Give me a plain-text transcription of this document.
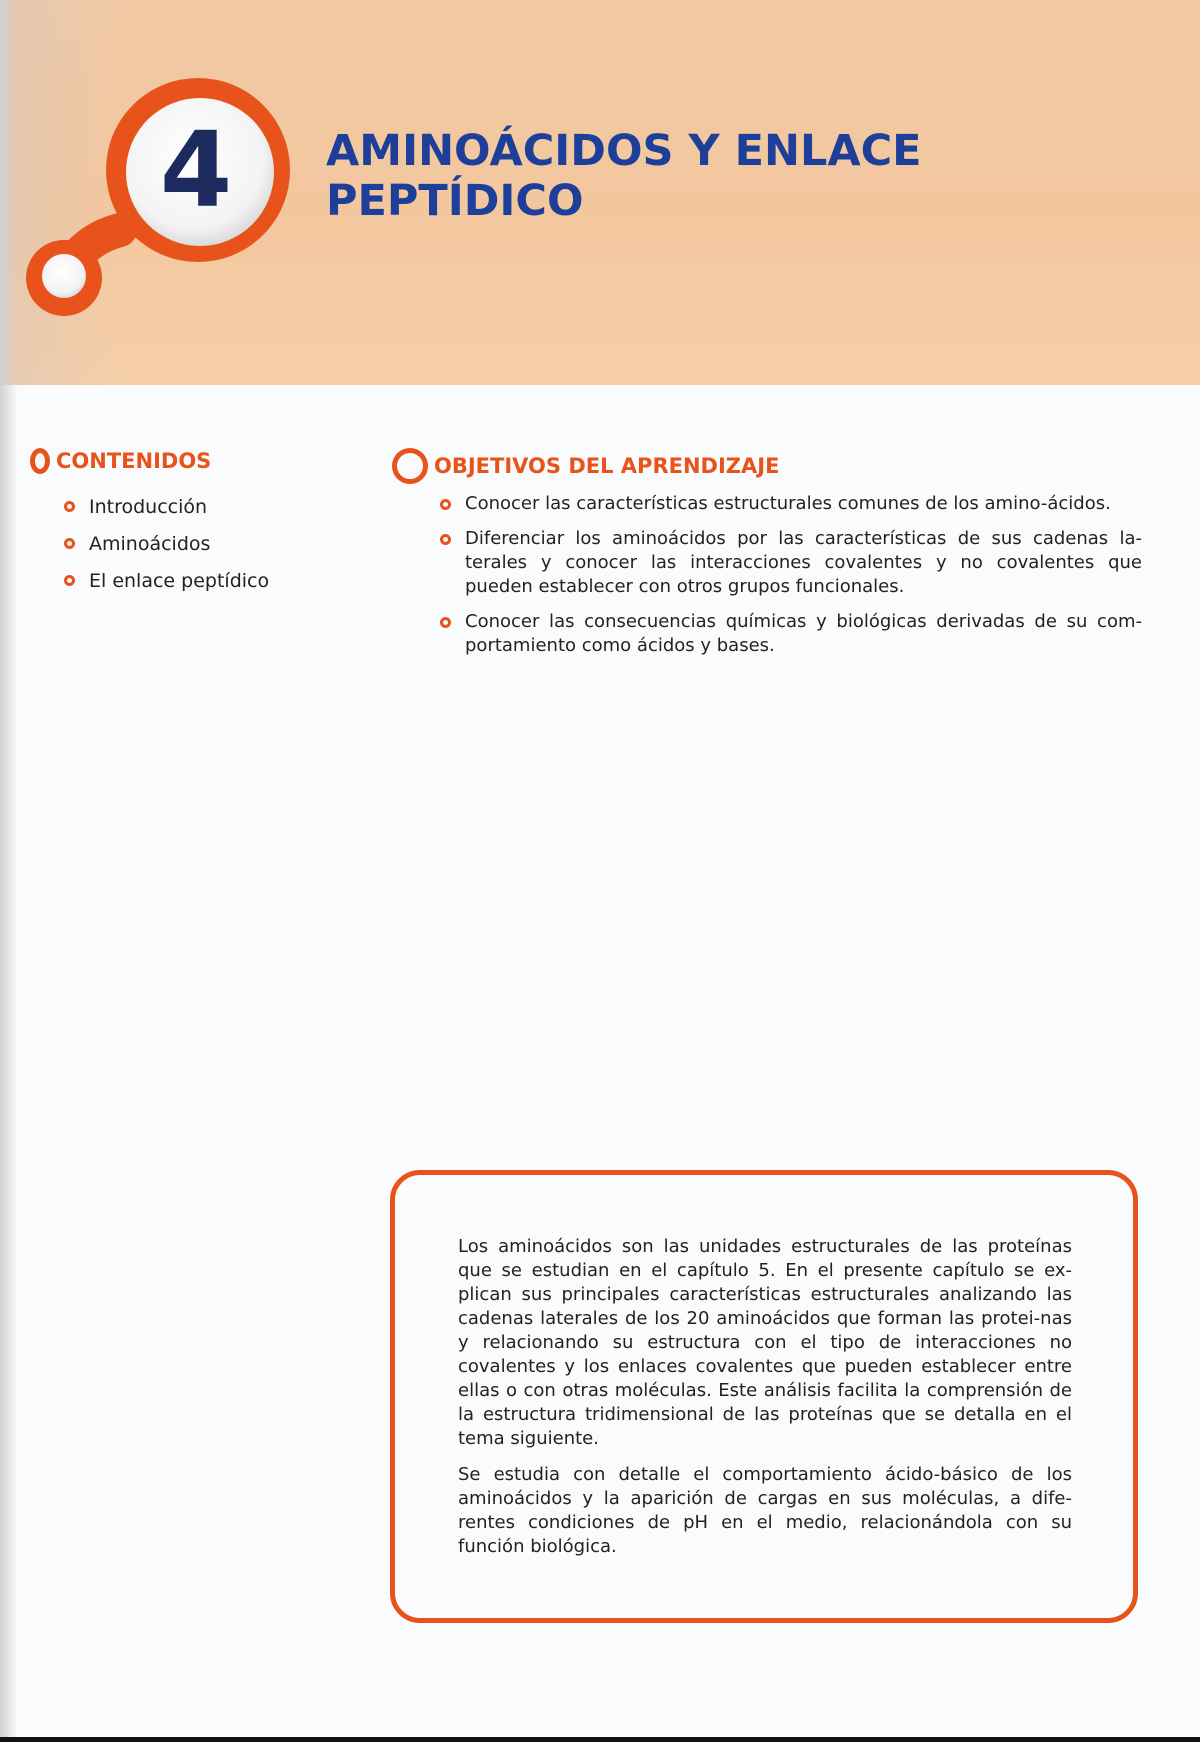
4	AMINOÁCIDOS Y ENLACE
PEPTÍDICO
CONTENIDOS
Introducción
Aminoácidos
El enlace peptídico
OBJETIVOS DEL APRENDIZAJE
Conocer las características estructurales comunes de los amino-ácidos.
Diferenciar los aminoácidos por las características de sus cadenas la-terales y conocer las interacciones covalentes y no covalentes que pueden establecer con otros grupos funcionales.
Conocer las consecuencias químicas y biológicas derivadas de su com-portamiento como ácidos y bases.

Los aminoácidos son las unidades estructurales de las proteínas que se estudian en el capítulo 5. En el presente capítulo se ex-plican sus principales características estructurales analizando las cadenas laterales de los 20 aminoácidos que forman las protei-nas y relacionando su estructura con el tipo de interacciones no covalentes y los enlaces covalentes que pueden establecer entre ellas o con otras moléculas. Este análisis facilita la comprensión de la estructura tridimensional de las proteínas que se detalla en el tema siguiente.

Se estudia con detalle el comportamiento ácido-básico de los aminoácidos y la aparición de cargas en sus moléculas, a dife-rentes condiciones de pH en el medio, relacionándola con su función biológica.
